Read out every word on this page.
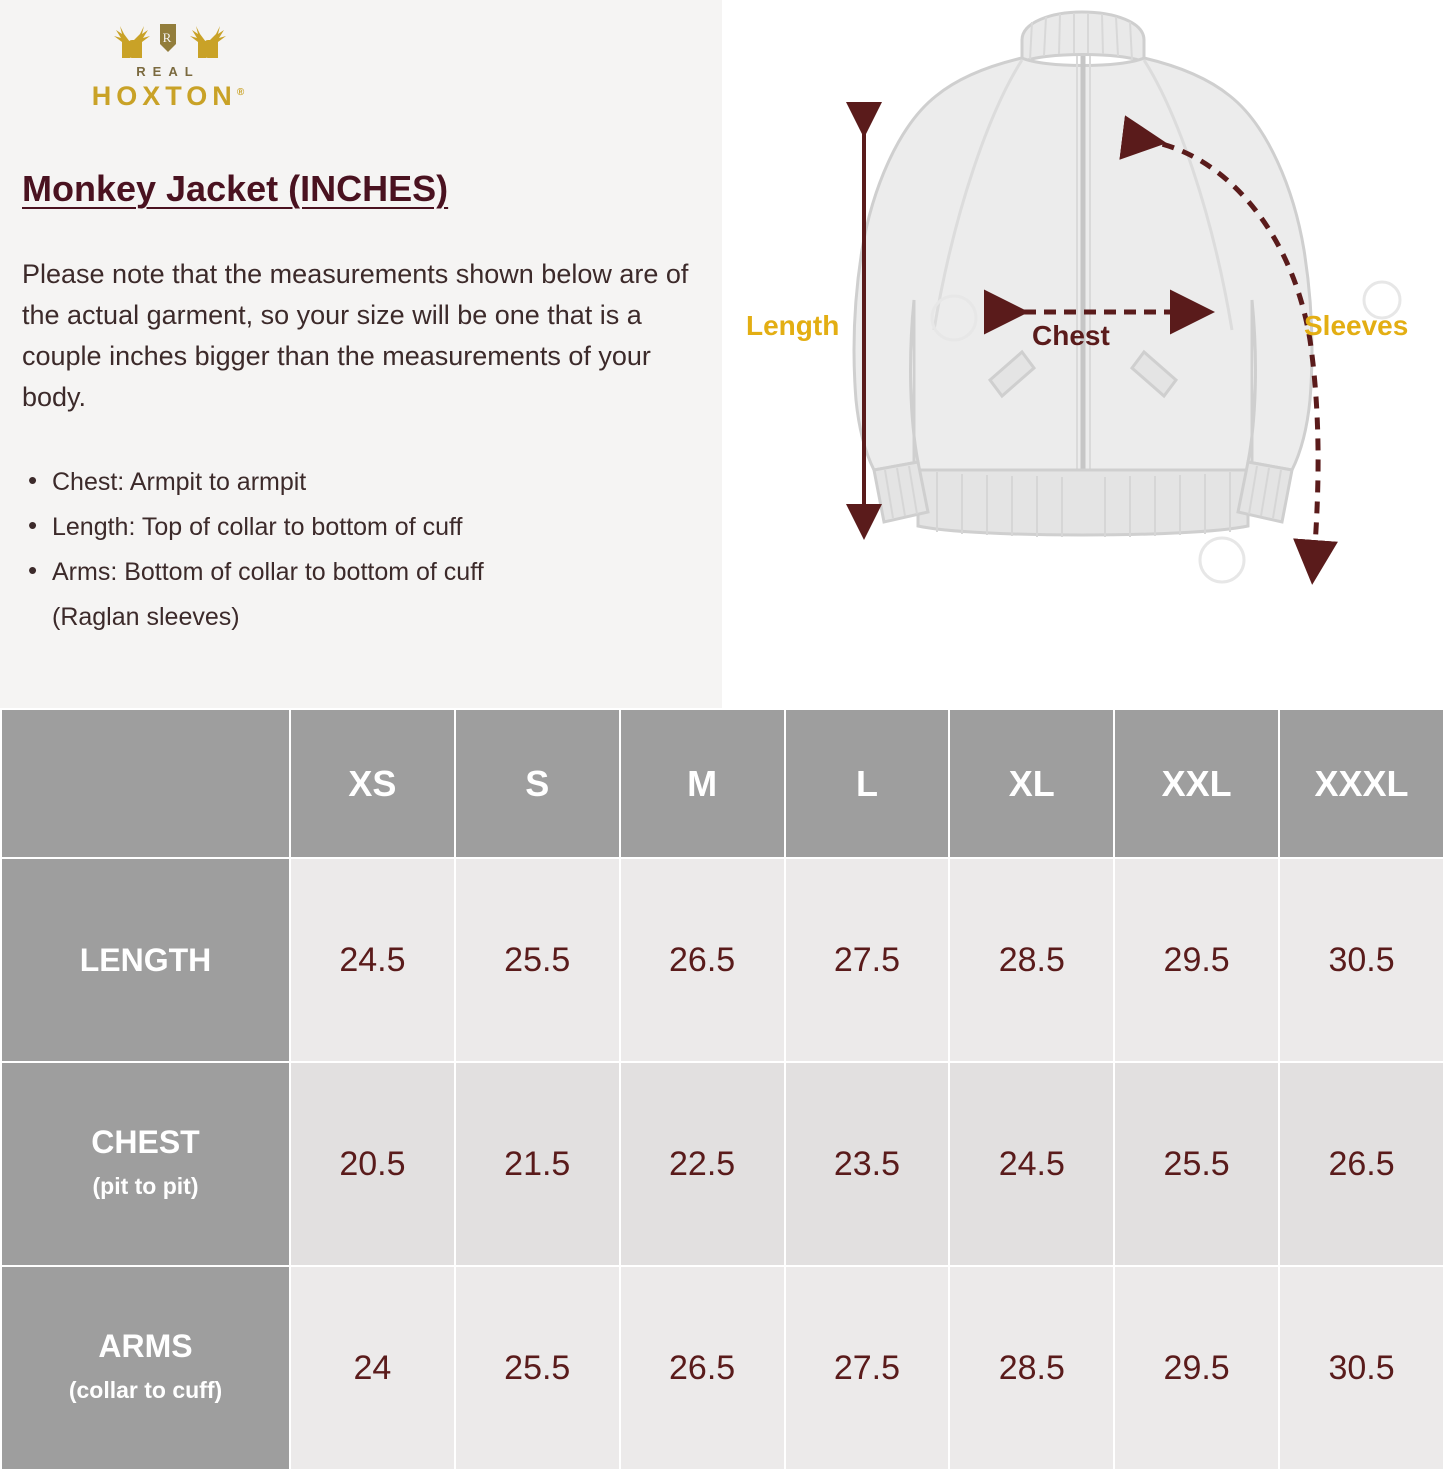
R
REAL
HOXTON®
Monkey Jacket (INCHES)

Please note that the measurements shown below are of the actual garment, so your size will be one that is a couple inches bigger than the measurements of your body.

• Chest: Armpit to armpit
• Length: Top of collar to bottom of cuff
• Arms: Bottom of collar to bottom of cuff
(Raglan sleeves)
Length	Chest	Sleeves
	XS	S	M	L	XL	XXL	XXXL
LENGTH	24.5	25.5	26.5	27.5	28.5	29.5	30.5
CHEST
(pit to pit)	20.5	21.5	22.5	23.5	24.5	25.5	26.5
ARMS
(collar to cuff)	24	25.5	26.5	27.5	28.5	29.5	30.5
